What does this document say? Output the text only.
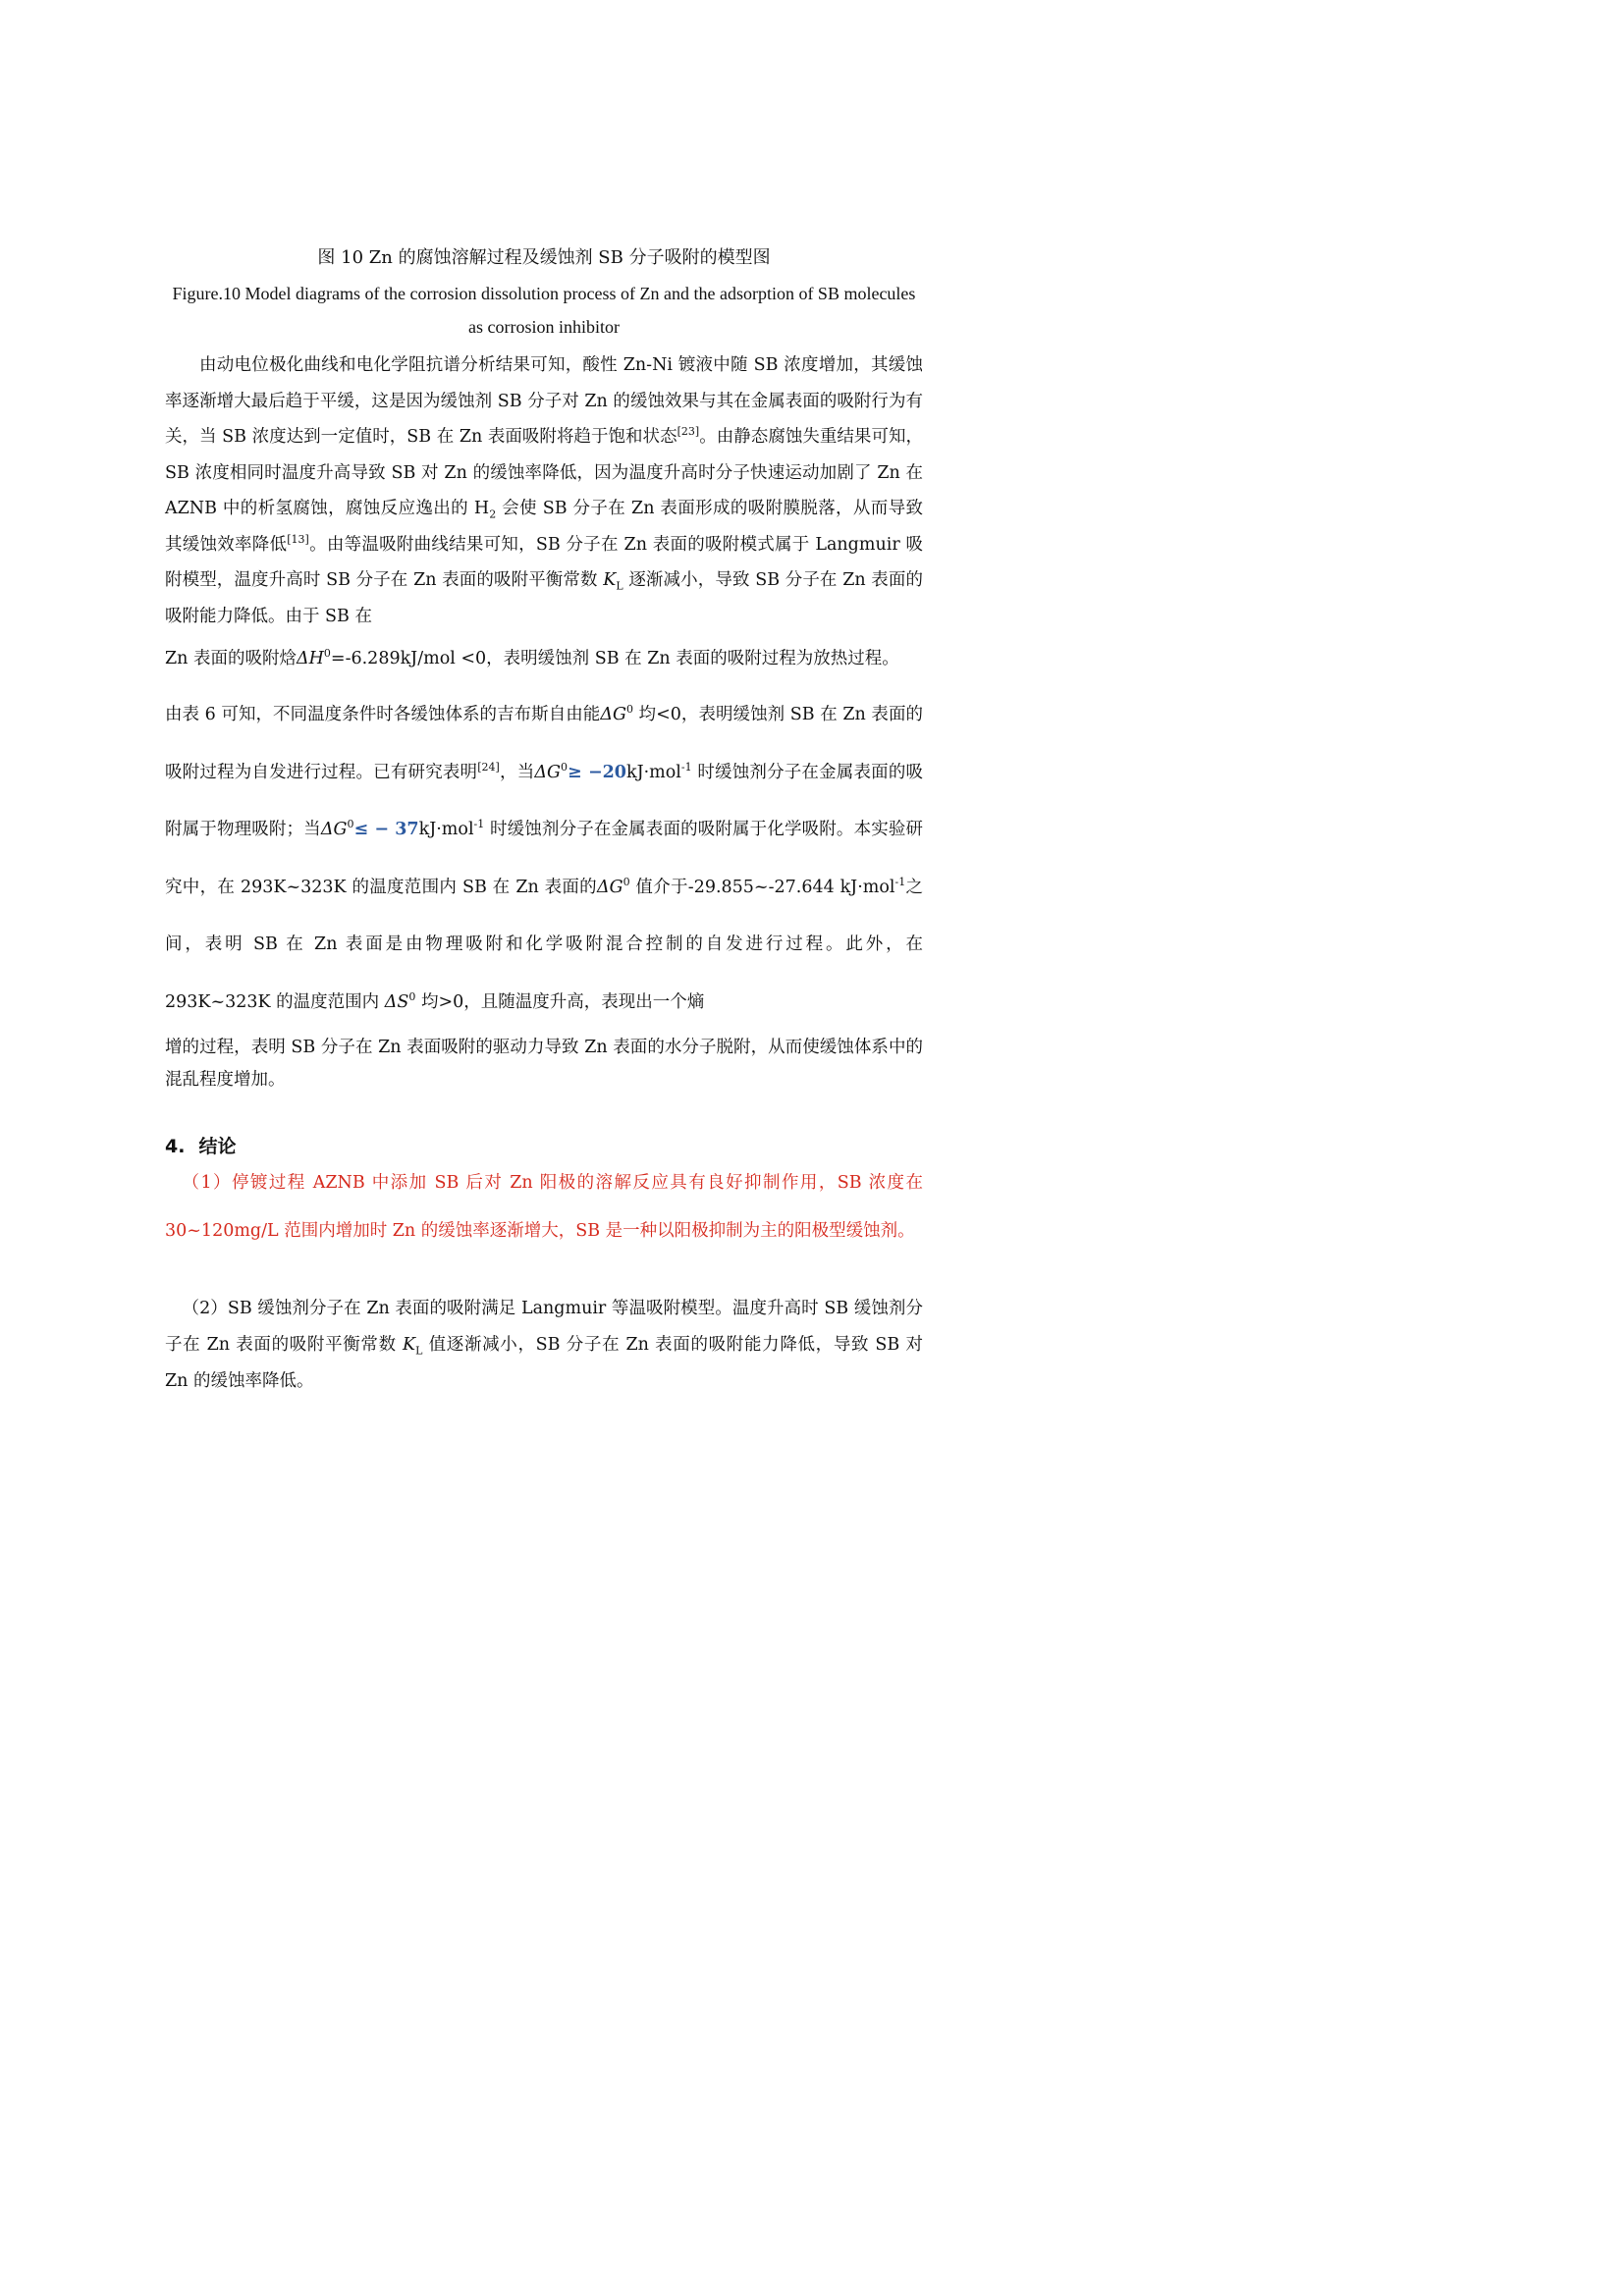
图 10 Zn 的腐蚀溶解过程及缓蚀剂 SB 分子吸附的模型图

Figure.10 Model diagrams of the corrosion dissolution process of Zn and the adsorption of SB molecules as corrosion inhibitor

由动电位极化曲线和电化学阻抗谱分析结果可知，酸性 Zn-Ni 镀液中随 SB 浓度增加，其缓蚀率逐渐增大最后趋于平缓，这是因为缓蚀剂 SB 分子对 Zn 的缓蚀效果与其在金属表面的吸附行为有关，当 SB 浓度达到一定值时，SB 在 Zn 表面吸附将趋于饱和状态[23]。由静态腐蚀失重结果可知，SB 浓度相同时温度升高导致 SB 对 Zn 的缓蚀率降低，因为温度升高时分子快速运动加剧了 Zn 在 AZNB 中的析氢腐蚀，腐蚀反应逸出的 $H_2$ 会使 SB 分子在 Zn 表面形成的吸附膜脱落，从而导致其缓蚀效率降低[13]。由等温吸附曲线结果可知，SB 分子在 Zn 表面的吸附模式属于 Langmuir 吸附模型，温度升高时 SB 分子在 Zn 表面的吸附平衡常数 $K_L$ 逐渐减小，导致 SB 分子在 Zn 表面的吸附能力降低。由于 SB 在

Zn 表面的吸附焓$\Delta H^0=-6.289kJ$/mol <0，表明缓蚀剂 SB 在 Zn 表面的吸附过程为放热过程。

由表 6 可知，不同温度条件时各缓蚀体系的吉布斯自由能$\Delta G^0$ 均<0，表明缓蚀剂 SB 在 Zn 表面的吸附过程为自发进行过程。已有研究表明[24]，当$\Delta G^0\ge -20kJ\cdot mol^{-1}$ 时缓蚀剂分子在金属表面的吸附属于物理吸附；当$\Delta G^0\le - 37kJ\cdot mol^{-1}$ 时缓蚀剂分子在金属表面的吸附属于化学吸附。本实验研究中，在 293K~323K 的温度范围内 SB 在 Zn 表面的$\Delta G^0$ 值介于-29.855~-27.644 kJ·mol$^{-1}$之间，表明 SB 在 Zn 表面是由物理吸附和化学吸附混合控制的自发进行过程。此外，在 293K~323K 的温度范围内 $\Delta S^0$ 均>0，且随温度升高，表现出一个熵

增的过程，表明 SB 分子在 Zn 表面吸附的驱动力导致 Zn 表面的水分子脱附，从而使缓蚀体系中的混乱程度增加。

4. 结论

（1）停镀过程 AZNB 中添加 SB 后对 Zn 阳极的溶解反应具有良好抑制作用，SB 浓度在 30~120mg/L 范围内增加时 Zn 的缓蚀率逐渐增大，SB 是一种以阳极抑制为主的阳极型缓蚀剂。

（2）SB 缓蚀剂分子在 Zn 表面的吸附满足 Langmuir 等温吸附模型。温度升高时 SB 缓蚀剂分子在 Zn 表面的吸附平衡常数 $K_L$ 值逐渐减小，SB 分子在 Zn 表面的吸附能力降低，导致 SB 对 Zn 的缓蚀率降低。
